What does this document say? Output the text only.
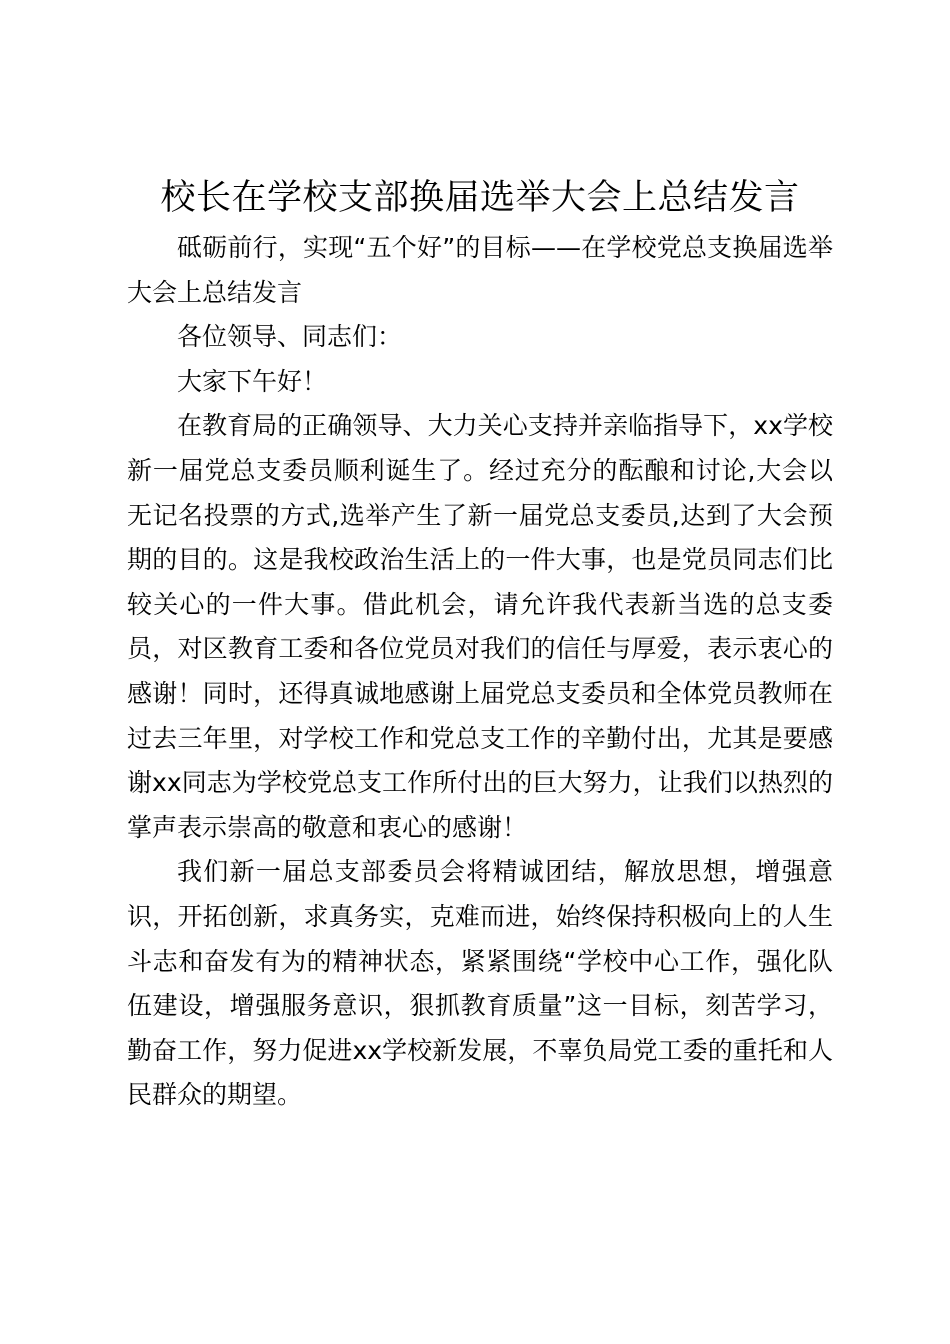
校长在学校支部换届选举大会上总结发言

砥砺前行，实现“五个好”的目标——在学校党总支换届选举大会上总结发言

各位领导、同志们：

大家下午好！

在教育局的正确领导、大力关心支持并亲临指导下，xx学校新一届党总支委员顺利诞生了。经过充分的酝酿和讨论,大会以无记名投票的方式,选举产生了新一届党总支委员,达到了大会预期的目的。这是我校政治生活上的一件大事，也是党员同志们比较关心的一件大事。借此机会，请允许我代表新当选的总支委员，对区教育工委和各位党员对我们的信任与厚爱，表示衷心的感谢！同时，还得真诚地感谢上届党总支委员和全体党员教师在过去三年里，对学校工作和党总支工作的辛勤付出，尤其是要感谢xx同志为学校党总支工作所付出的巨大努力，让我们以热烈的掌声表示崇高的敬意和衷心的感谢！

我们新一届总支部委员会将精诚团结，解放思想，增强意识，开拓创新，求真务实，克难而进，始终保持积极向上的人生斗志和奋发有为的精神状态，紧紧围绕“学校中心工作，强化队伍建设，增强服务意识，狠抓教育质量”这一目标，刻苦学习，勤奋工作，努力促进xx学校新发展，不辜负局党工委的重托和人民群众的期望。
